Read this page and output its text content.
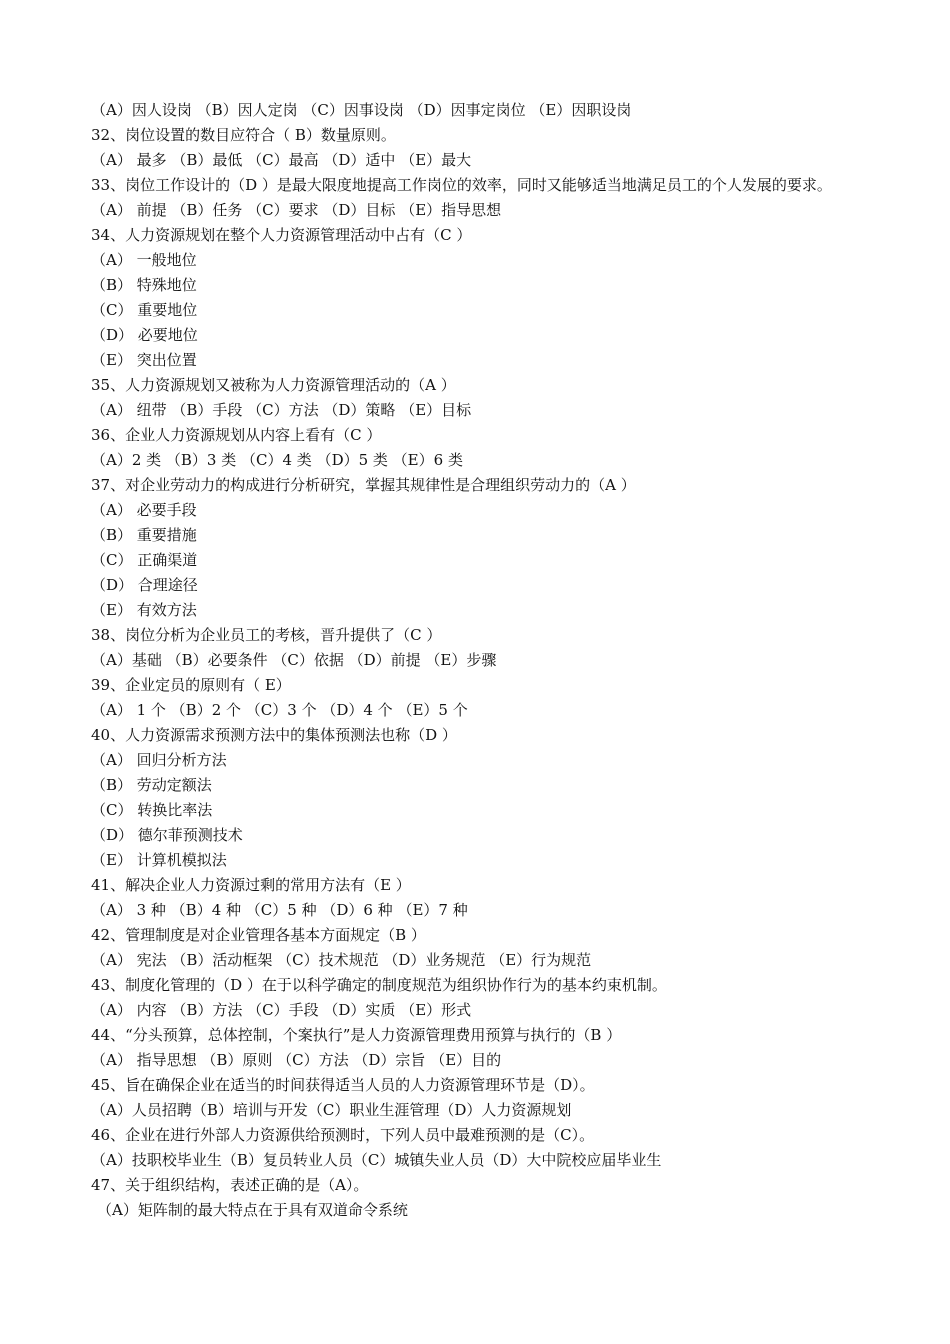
（A）因人设岗 （B）因人定岗 （C）因事设岗 （D）因事定岗位 （E）因职设岗

32、岗位设置的数目应符合（ B）数量原则。

（A） 最多 （B）最低 （C）最高 （D）适中 （E）最大

33、岗位工作设计的（D ）是最大限度地提高工作岗位的效率，同时又能够适当地满足员工的个人发展的要求。

（A） 前提 （B）任务 （C）要求 （D）目标 （E）指导思想

34、人力资源规划在整个人力资源管理活动中占有（C ）

（A） 一般地位

（B） 特殊地位

（C） 重要地位

（D） 必要地位

（E） 突出位置

35、人力资源规划又被称为人力资源管理活动的（A ）

（A） 纽带 （B）手段 （C）方法 （D）策略 （E）目标

36、企业人力资源规划从内容上看有（C ）

（A）2 类 （B）3 类 （C）4 类 （D）5 类 （E）6 类

37、对企业劳动力的构成进行分析研究，掌握其规律性是合理组织劳动力的（A ）

（A） 必要手段

（B） 重要措施

（C） 正确渠道

（D） 合理途径

（E） 有效方法

38、岗位分析为企业员工的考核，晋升提供了（C ）

（A）基础 （B）必要条件 （C）依据 （D）前提 （E）步骤

39、企业定员的原则有（ E）

（A） 1 个 （B）2 个 （C）3 个 （D）4 个 （E）5 个

40、人力资源需求预测方法中的集体预测法也称（D ）

（A） 回归分析方法

（B） 劳动定额法

（C） 转换比率法

（D） 德尔菲预测技术

（E） 计算机模拟法

41、解决企业人力资源过剩的常用方法有（E ）

（A） 3 种 （B）4 种 （C）5 种 （D）6 种 （E）7 种

42、管理制度是对企业管理各基本方面规定（B ）

（A） 宪法 （B）活动框架 （C）技术规范 （D）业务规范 （E）行为规范

43、制度化管理的（D ）在于以科学确定的制度规范为组织协作行为的基本约束机制。

（A） 内容 （B）方法 （C）手段 （D）实质 （E）形式

44、“分头预算，总体控制，个案执行”是人力资源管理费用预算与执行的（B ）

（A） 指导思想 （B）原则 （C）方法 （D）宗旨 （E）目的

45、旨在确保企业在适当的时间获得适当人员的人力资源管理环节是（D）。

（A）人员招聘（B）培训与开发（C）职业生涯管理（D）人力资源规划

46、企业在进行外部人力资源供给预测时，下列人员中最难预测的是（C）。

（A）技职校毕业生（B）复员转业人员（C）城镇失业人员（D）大中院校应届毕业生

47、关于组织结构，表述正确的是（A）。

（A）矩阵制的最大特点在于具有双道命令系统
